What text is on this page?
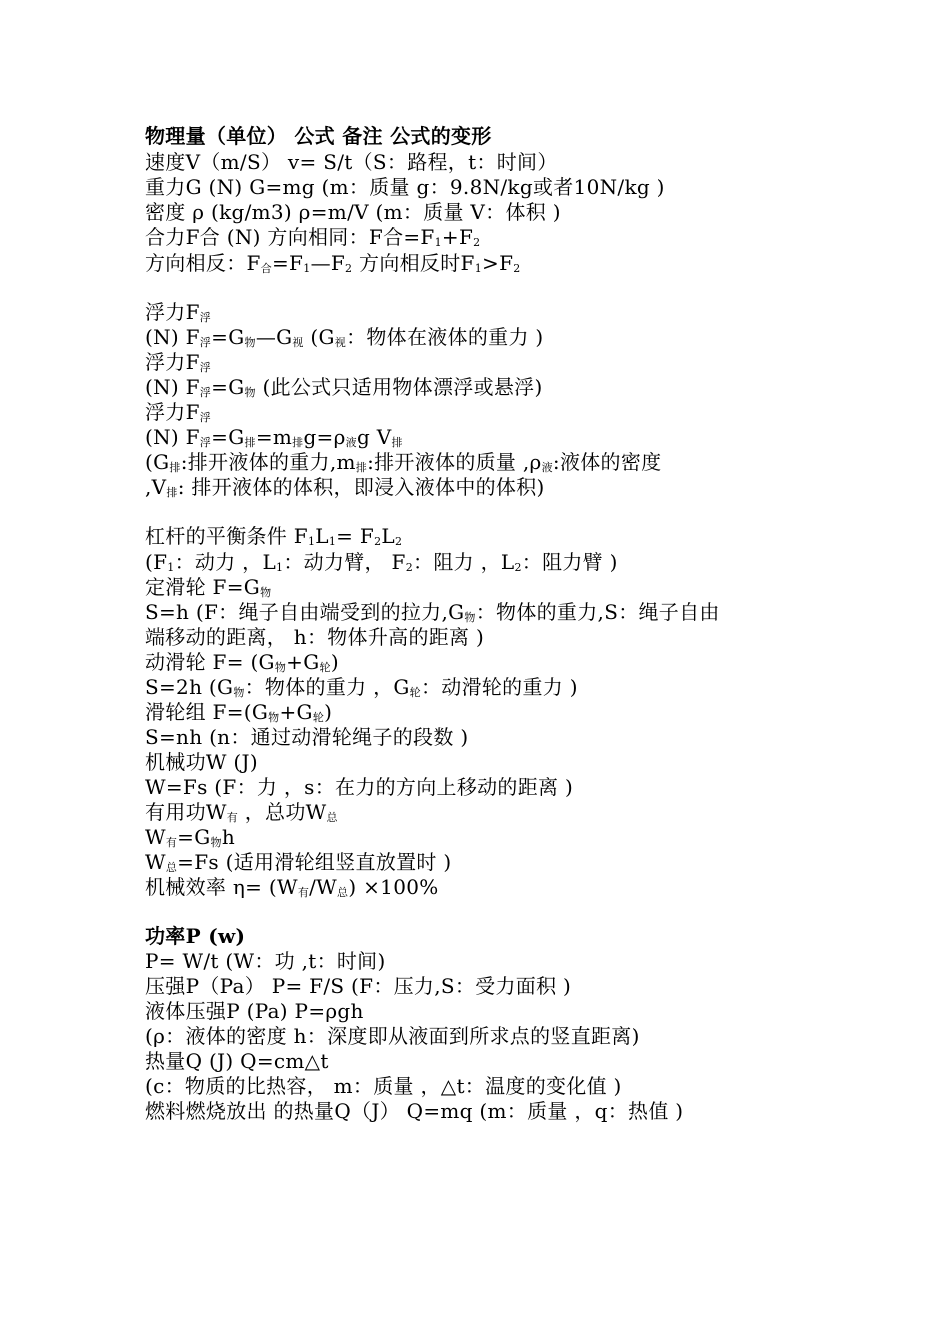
物理量（单位） 公式 备注 公式的变形
速度V（m/S） v= S/t（S：路程，t：时间）
重力G (N) G=mg (m：质量 g：9.8N/kg或者10N/kg )
密度 ρ (kg/m3) ρ=m/V (m：质量 V：体积 )
合力F合 (N) 方向相同：F合=F1+F2
方向相反：F合=F1—F2 方向相反时F1>F2
浮力F浮
(N) F浮=G物—G视 (G视：物体在液体的重力 )
浮力F浮
(N) F浮=G物 (此公式只适用物体漂浮或悬浮)
浮力F浮
(N) F浮=G排=m排g=ρ液g V排
(G排:排开液体的重力,m排:排开液体的质量 ,ρ液:液体的密度
,V排: 排开液体的体积，即浸入液体中的体积)
杠杆的平衡条件 F1L1= F2L2
(F1：动力 ，L1：动力臂， F2：阻力 ，L2：阻力臂 )
定滑轮 F=G物
S=h (F：绳子自由端受到的拉力,G物：物体的重力,S：绳子自由
端移动的距离， h：物体升高的距离 )
动滑轮 F= (G物+G轮)
S=2h (G物：物体的重力 ，G轮：动滑轮的重力 )
滑轮组 F=(G物+G轮)
S=nh (n：通过动滑轮绳子的段数 )
机械功W (J)
W=Fs (F：力 ，s：在力的方向上移动的距离 )
有用功W有 ，总功W总
W有=G物h
W总=Fs (适用滑轮组竖直放置时 )
机械效率 η= (W有/W总) ×100%
功率P (w)
P= W/t (W：功 ,t：时间)
压强P（Pa） P= F/S (F：压力,S：受力面积 )
液体压强P (Pa) P=ρgh
(ρ：液体的密度 h：深度即从液面到所求点的竖直距离)
热量Q (J) Q=cm△t
(c：物质的比热容， m：质量 ，△t：温度的变化值 )
燃料燃烧放出 的热量Q（J） Q=mq (m：质量 ，q：热值 )
